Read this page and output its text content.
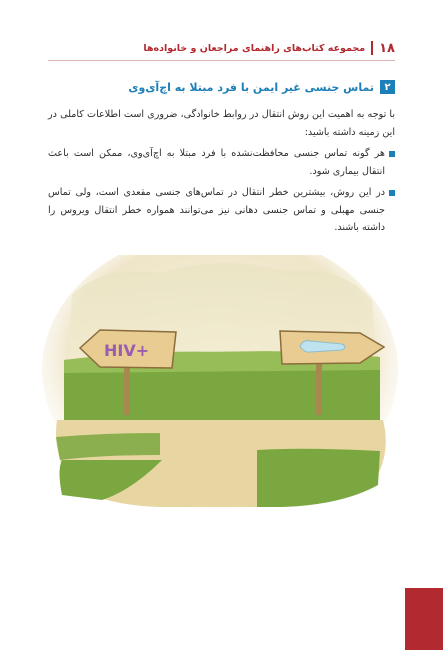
۱۸
مجموعه کتاب‌های راهنمای مراجعان و خانواده‌ها
۲
تماس جنسی غیر ایمن با فرد مبتلا به اچ‌آی‌وی

با توجه به اهمیت این روش انتقال در روابط خانوادگی، ضروری است اطلاعات کاملی در این زمینه داشته باشید:

هر گونه تماس جنسی محافظت‌نشده با فرد مبتلا به اچ‌آی‌وی، ممکن است باعث انتقال بیماری شود.
در این روش، بیشترین خطر انتقال در تماس‌های جنسی مقعدی است، ولی تماس جنسی مهبلی و تماس جنسی دهانی نیز می‌توانند همواره خطر انتقال ویروس را داشته باشند.
HIV+
